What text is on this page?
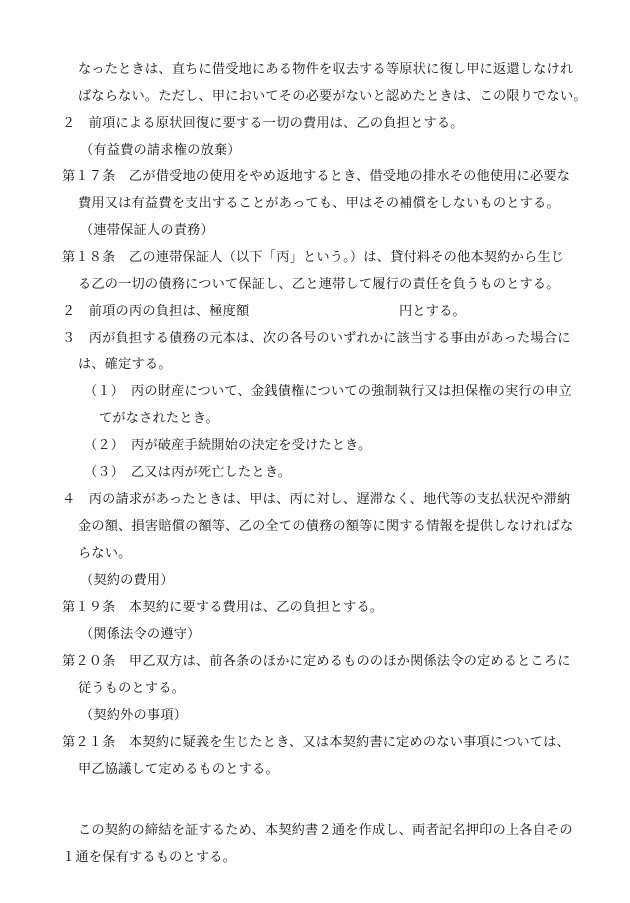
なったときは、直ちに借受地にある物件を収去する等原状に復し甲に返還しなけれ
ばならない。ただし、甲においてその必要がないと認めたときは、この限りでない。
２　前項による原状回復に要する一切の費用は、乙の負担とする。
（有益費の請求権の放棄）
第１７条　乙が借受地の使用をやめ返地するとき、借受地の排水その他使用に必要な
費用又は有益費を支出することがあっても、甲はその補償をしないものとする。
（連帯保証人の責務）
第１８条　乙の連帯保証人（以下「丙」という。）は、貸付料その他本契約から生じ
る乙の一切の債務について保証し、乙と連帯して履行の責任を負うものとする。
２　前項の丙の負担は、極度額	円とする。
３　丙が負担する債務の元本は、次の各号のいずれかに該当する事由があった場合に
は、確定する。
（１）　丙の財産について、金銭債権についての強制執行又は担保権の実行の申立
てがなされたとき。
（２）　丙が破産手続開始の決定を受けたとき。
（３）　乙又は丙が死亡したとき。
４　丙の請求があったときは、甲は、丙に対し、遅滞なく、地代等の支払状況や滞納
金の額、損害賠償の額等、乙の全ての債務の額等に関する情報を提供しなければな
らない。
（契約の費用）
第１９条　本契約に要する費用は、乙の負担とする。
（関係法令の遵守）
第２０条　甲乙双方は、前各条のほかに定めるもののほか関係法令の定めるところに
従うものとする。
（契約外の事項）
第２１条　本契約に疑義を生じたとき、又は本契約書に定めのない事項については、
甲乙協議して定めるものとする。
この契約の締結を証するため、本契約書２通を作成し、両者記名押印の上各自その
１通を保有するものとする。
